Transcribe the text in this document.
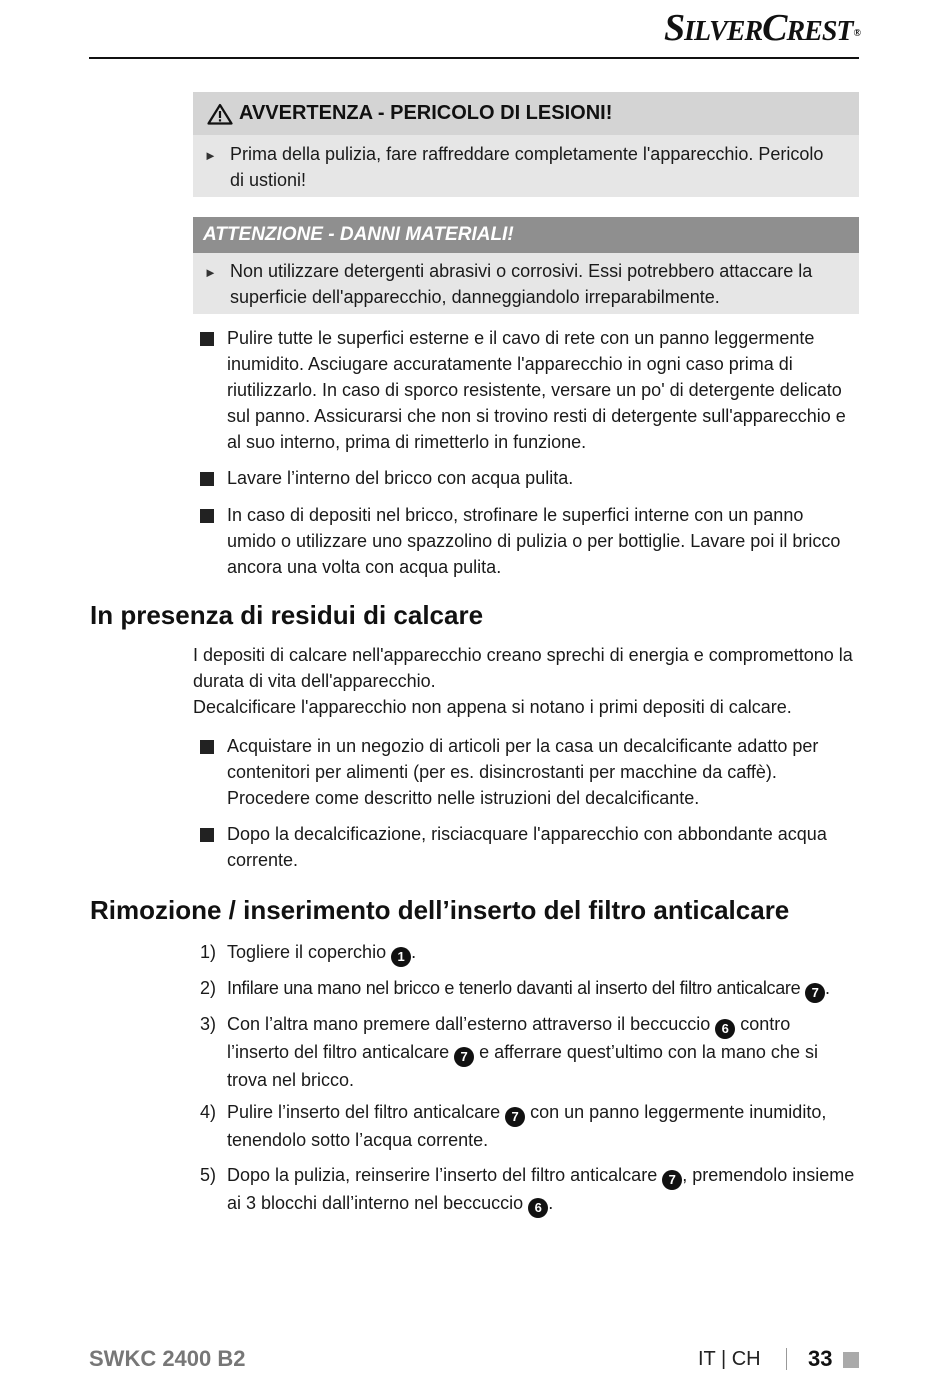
SILVERCREST®
AVVERTENZA - PERICOLO DI LESIONI!
► Prima della pulizia, fare raffreddare completamente l'apparecchio. Pericolo di ustioni!
ATTENZIONE - DANNI MATERIALI!
► Non utilizzare detergenti abrasivi o corrosivi. Essi potrebbero attaccare la superficie dell'apparecchio, danneggiandolo irreparabilmente.
Pulire tutte le superfici esterne e il cavo di rete con un panno leggermente inumidito. Asciugare accuratamente l'apparecchio in ogni caso prima di riutilizzarlo. In caso di sporco resistente, versare un po' di detergente delicato sul panno. Assicurarsi che non si trovino resti di detergente sull'apparecchio e al suo interno, prima di rimetterlo in funzione.
Lavare l’interno del bricco con acqua pulita.
In caso di depositi nel bricco, strofinare le superfici interne con un panno umido o utilizzare uno spazzolino di pulizia o per bottiglie. Lavare poi il bricco ancora una volta con acqua pulita.
In presenza di residui di calcare
I depositi di calcare nell'apparecchio creano sprechi di energia e compromettono la durata di vita dell'apparecchio.
Decalcificare l'apparecchio non appena si notano i primi depositi di calcare.
Acquistare in un negozio di articoli per la casa un decalcificante adatto per contenitori per alimenti (per es. disincrostanti per macchine da caffè). Procedere come descritto nelle istruzioni del decalcificante.
Dopo la decalcificazione, risciacquare l'apparecchio con abbondante acqua corrente.
Rimozione / inserimento dell’inserto del filtro anticalcare
1) Togliere il coperchio 1 .
2) Infilare una mano nel bricco e tenerlo davanti al inserto del filtro anticalcare 7 .
3) Con l’altra mano premere dall’esterno attraverso il beccuccio 6 contro l’inserto del filtro anticalcare 7 e afferrare quest’ultimo con la mano che si trova nel bricco.
4) Pulire l’inserto del filtro anticalcare 7 con un panno leggermente inumidito, tenendolo sotto l’acqua corrente.
5) Dopo la pulizia, reinserire l’inserto del filtro anticalcare 7 , premendolo insieme ai 3 blocchi dall’interno nel beccuccio 6 .
SWKC 2400 B2	IT | CH 33
